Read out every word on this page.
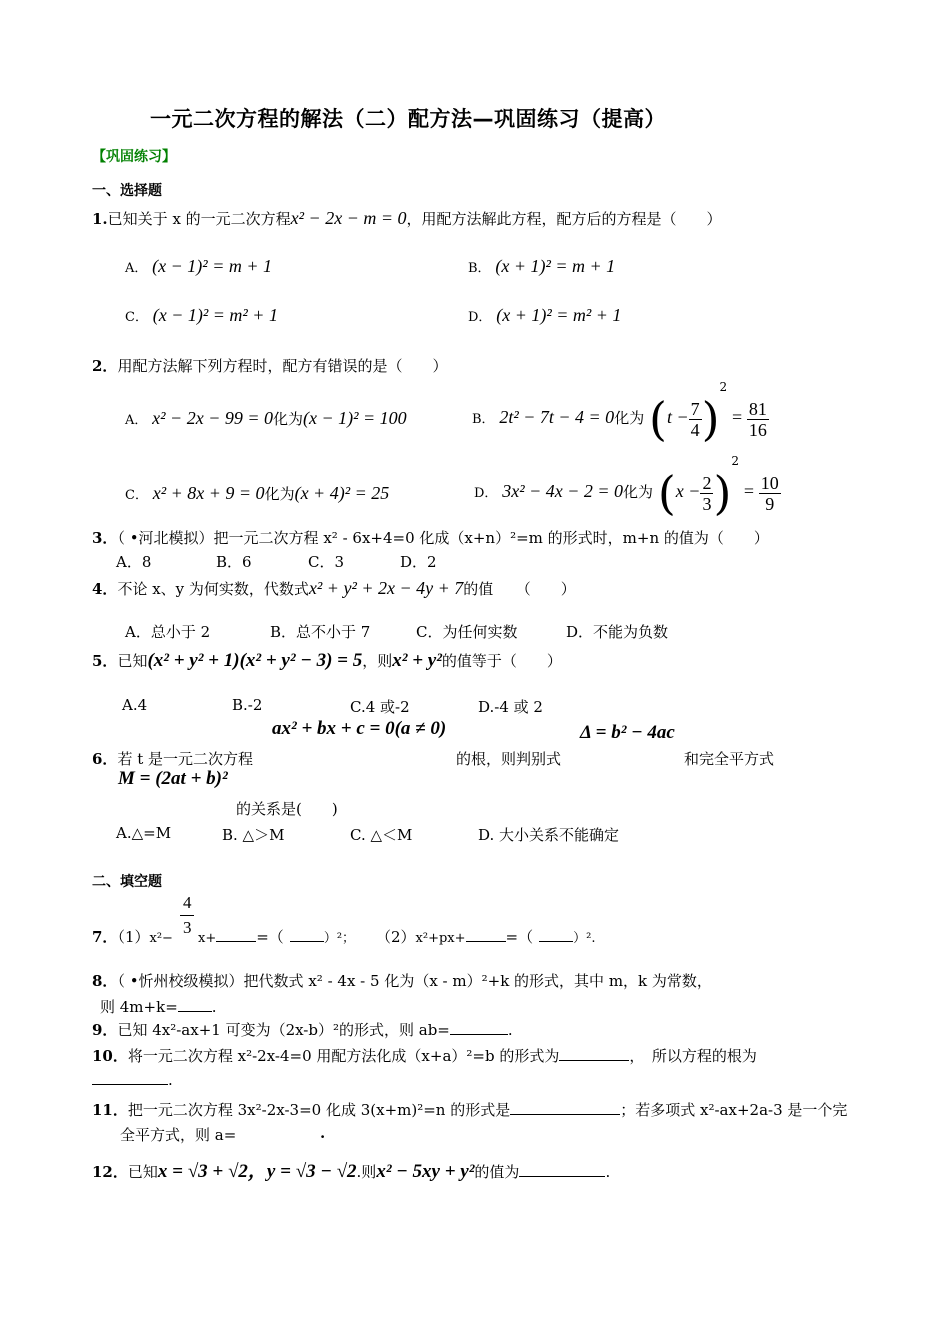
一元二次方程的解法（二）配方法—巩固练习（提高）
【巩固练习】
一、选择题
1.已知关于 x 的一元二次方程x² − 2x − m = 0，用配方法解此方程，配方后的方程是（　　）
A． (x − 1)² = m + 1	B． (x + 1)² = m + 1
C． (x − 1)² = m² + 1	D． (x + 1)² = m² + 1
2．用配方法解下列方程时，配方有错误的是（　　）
A． x² − 2x − 99 = 0化为(x − 1)² = 100	B． 2t² − 7t − 4 = 0化为 $(t - \frac{7}{4} )^2 = \frac{81}{16}$
C． x² + 8x + 9 = 0化为(x + 4)² = 25	D． 3x² − 4x − 2 = 0化为 $(x - \frac{2}{3} )^2 = \frac{10}{9}$
3．（ •河北模拟）把一元二次方程 x² - 6x+4=0 化成（x+n）²=m 的形式时，m+n 的值为（　　）
A．8	B．6	C．3	D．2
4．不论 x、y 为何实数，代数式x² + y² + 2x − 4y + 7的值　　（　　）
A．总小于 2	B．总不小于 7	C．为任何实数	D．不能为负数
5．已知(x² + y² + 1)(x² + y² − 3) = 5，则x² + y²的值等于（　　）
A.4	B.-2	C.4 或-2	D.-4 或 2
ax² + bx + c = 0(a ≠ 0)	Δ = b² − 4ac
6．若 t 是一元二次方程	的根，则判别式	和完全平方式
M = (2at + b)²
的关系是(　　)
A.△=M	B. △＞M	C. △＜M	D. 大小关系不能确定
二、填空题
4
3
7．（1）x²− x+	=（	）²； （2）x²+px+	=（	）².
8．（ •忻州校级模拟）把代数式 x² - 4x - 5 化为（x - m）²+k 的形式，其中 m，k 为常数，
则 4m+k= .
9．已知 4x²-ax+1 可变为（2x-b）²的形式，则 ab=	.
10．将一元二次方程 x²-2x-4=0 用配方法化成（x+a）²=b 的形式为	，　所以方程的根为
.
11．把一元二次方程 3x²-2x-3=0 化成 3(x+m)²=n 的形式是	；若多项式 x²-ax+2a-3 是一个完
全平方式，则 a=	.
12．已知x = √3 + √2，y = √3 − √2.则x² − 5xy + y²的值为	.
